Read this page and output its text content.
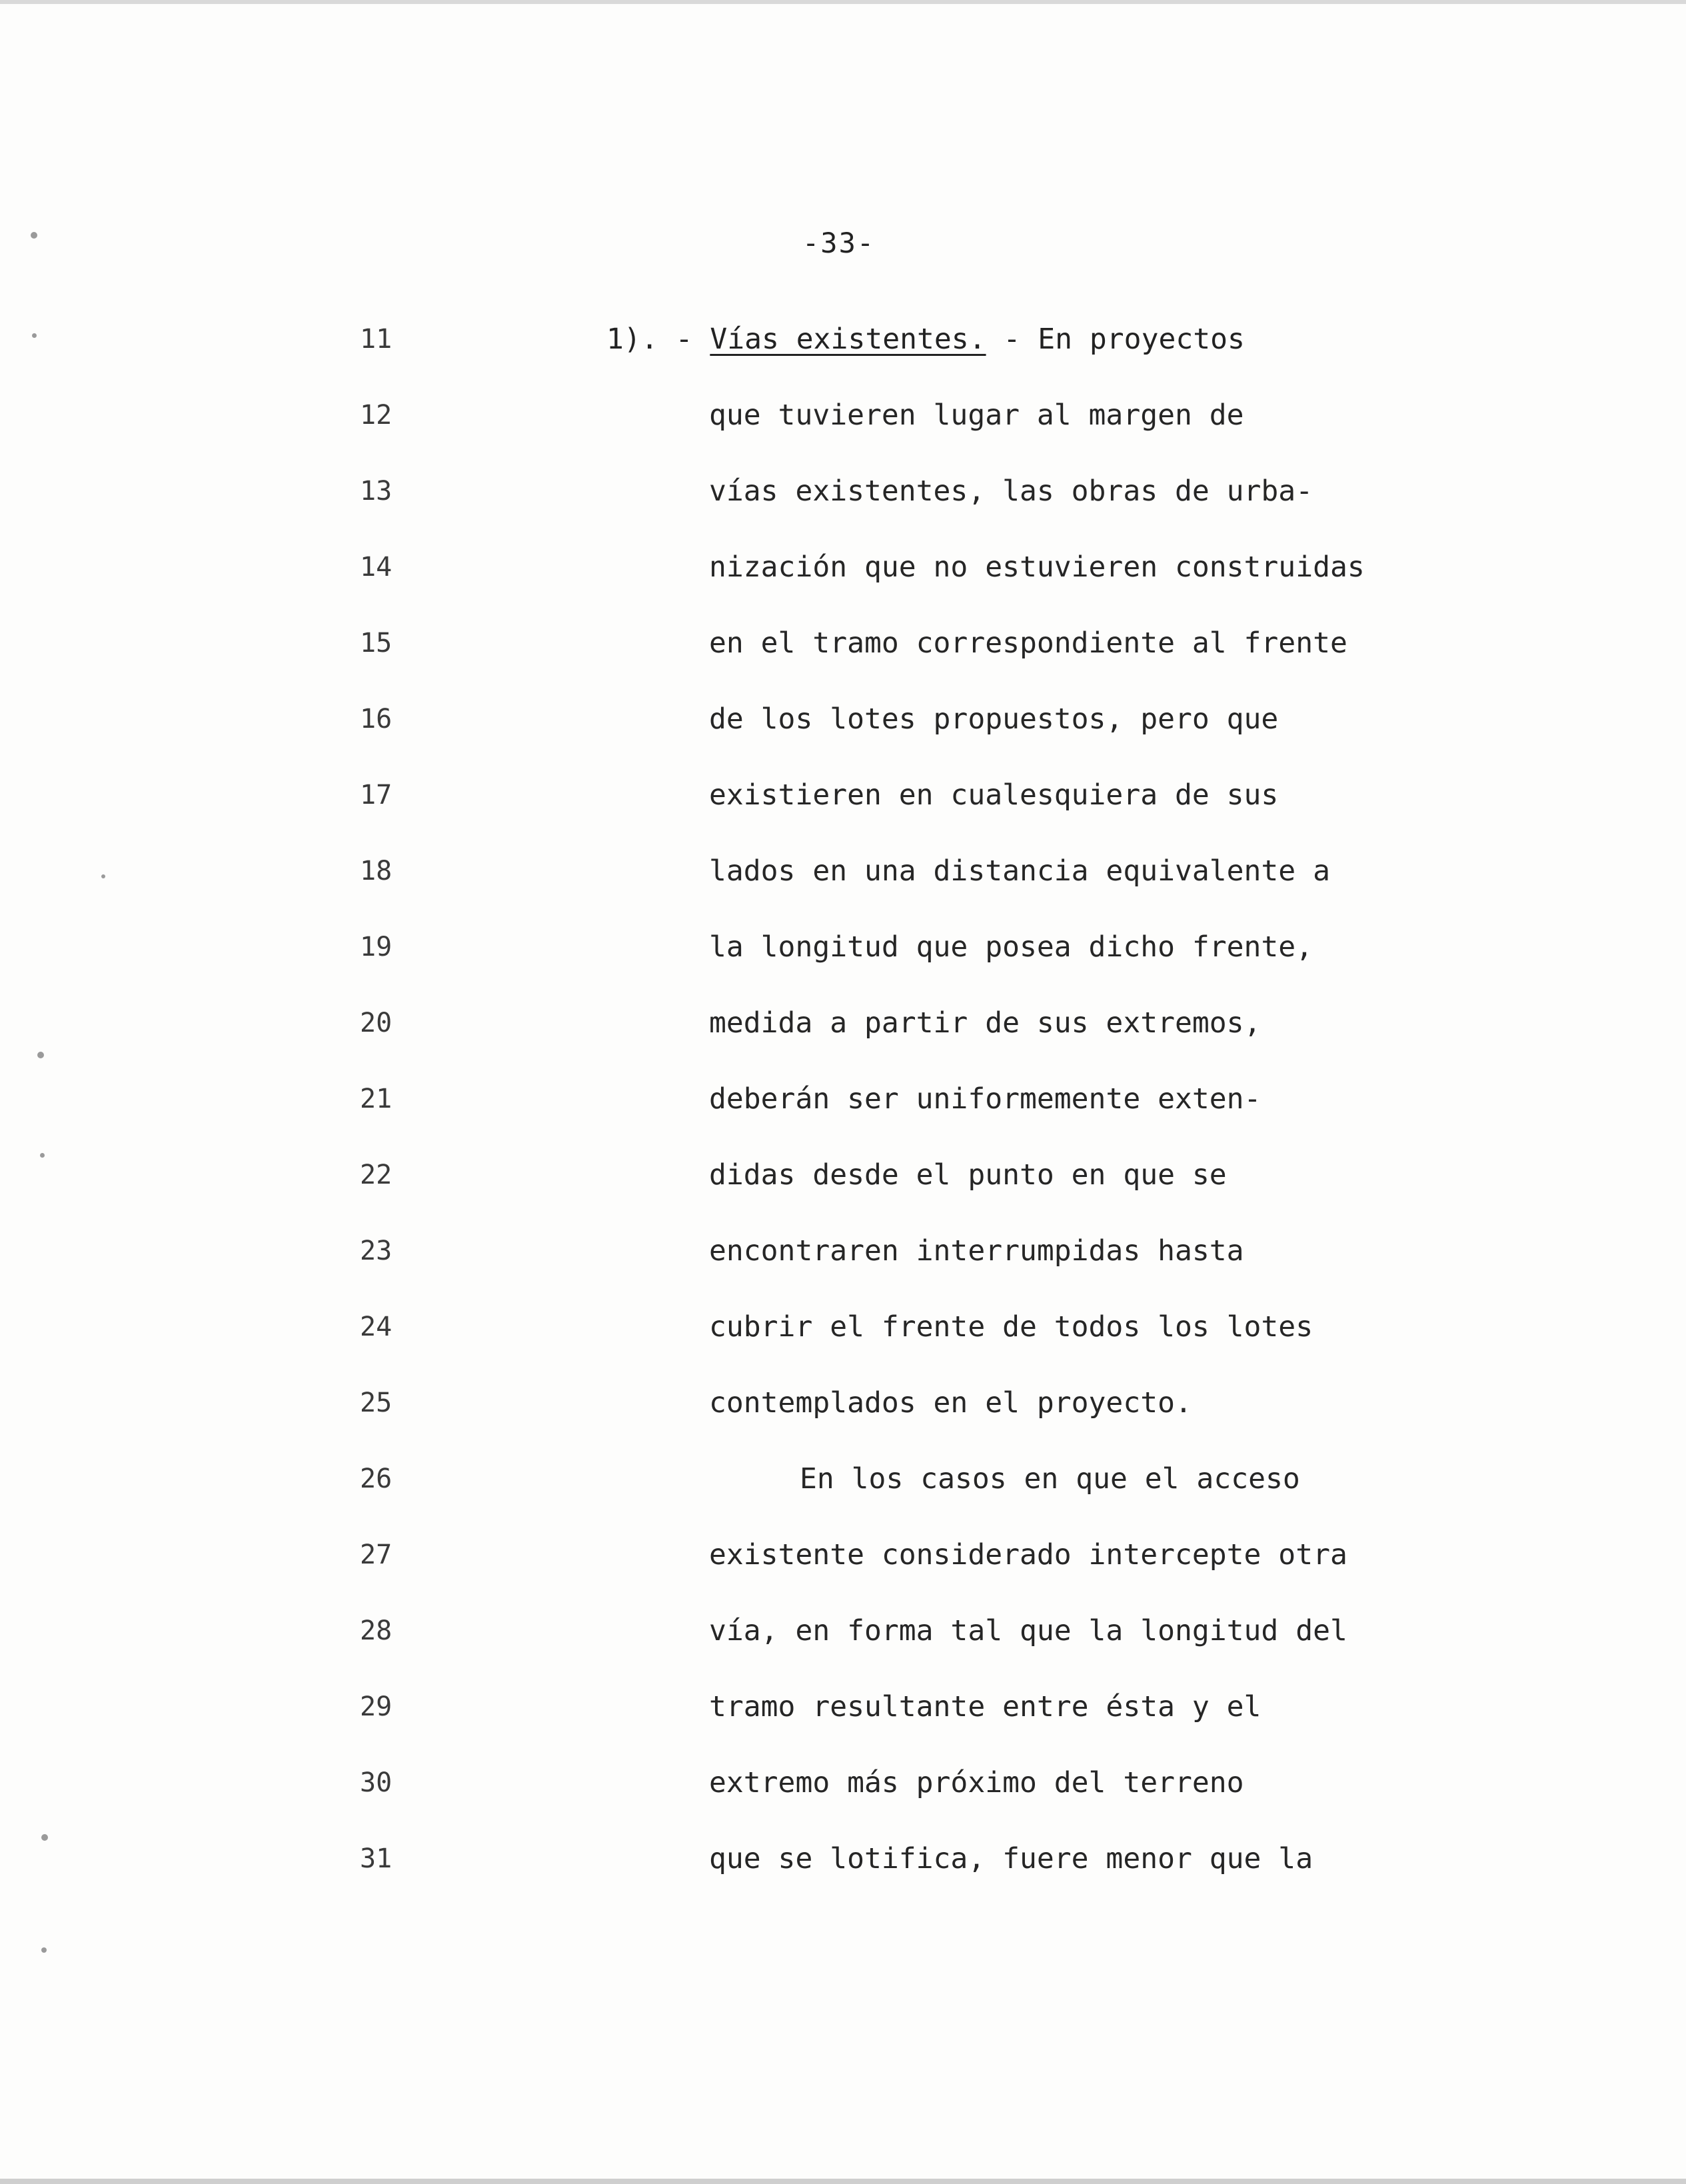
-33-
11
12
13
14
15
16
17
18
19
20
21
22
23
24
25
26
27
28
29
30
31
1). - Vías existentes. - En proyectos
que tuvieren lugar al margen de
vías existentes, las obras de urba-
nización que no estuvieren construidas
en el tramo correspondiente al frente
de los lotes propuestos, pero que
existieren en cualesquiera de sus
lados en una distancia equivalente a
la longitud que posea dicho frente,
medida a partir de sus extremos,
deberán ser uniformemente exten-
didas desde el punto en que se
encontraren interrumpidas hasta
cubrir el frente de todos los lotes
contemplados en el proyecto.
En los casos en que el acceso
existente considerado intercepte otra
vía, en forma tal que la longitud del
tramo resultante entre ésta y el
extremo más próximo del terreno
que se lotifica, fuere menor que la
